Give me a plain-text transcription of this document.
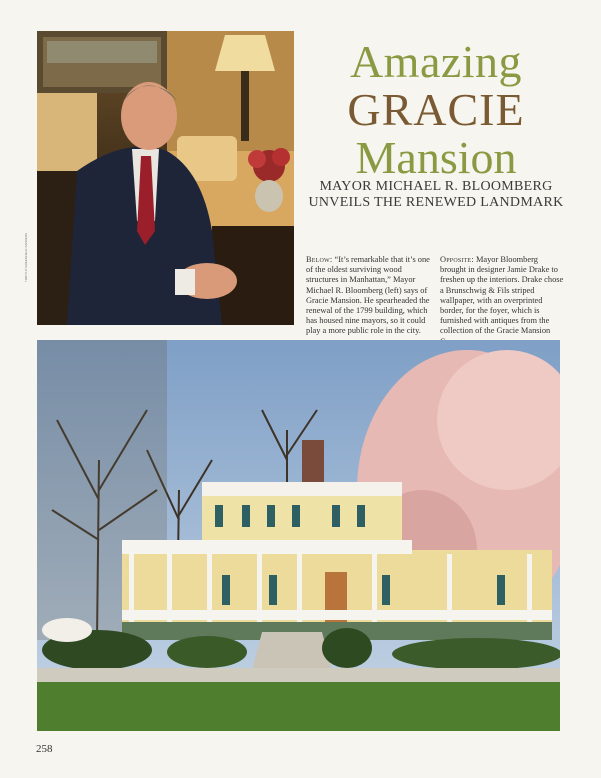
TIMOTHY GREENFIELD-SANDERS
Amazing
GRACIE
Mansion
MAYOR MICHAEL R. BLOOMBERG UNVEILS THE RENEWED LANDMARK
Below: “It’s remarkable that it’s one of the oldest surviving wood structures in Manhattan,” Mayor Michael R. Bloomberg (left) says of Gracie Mansion. He spearheaded the renewal of the 1799 building, which has housed nine mayors, so it could play a more public role in the city.
Opposite: Mayor Bloomberg brought in designer Jamie Drake to freshen up the interiors. Drake chose a Brunschwig & Fils striped wallpaper, with an overprinted border, for the foyer, which is furnished with antiques from the collection of the Gracie Mansion
258
